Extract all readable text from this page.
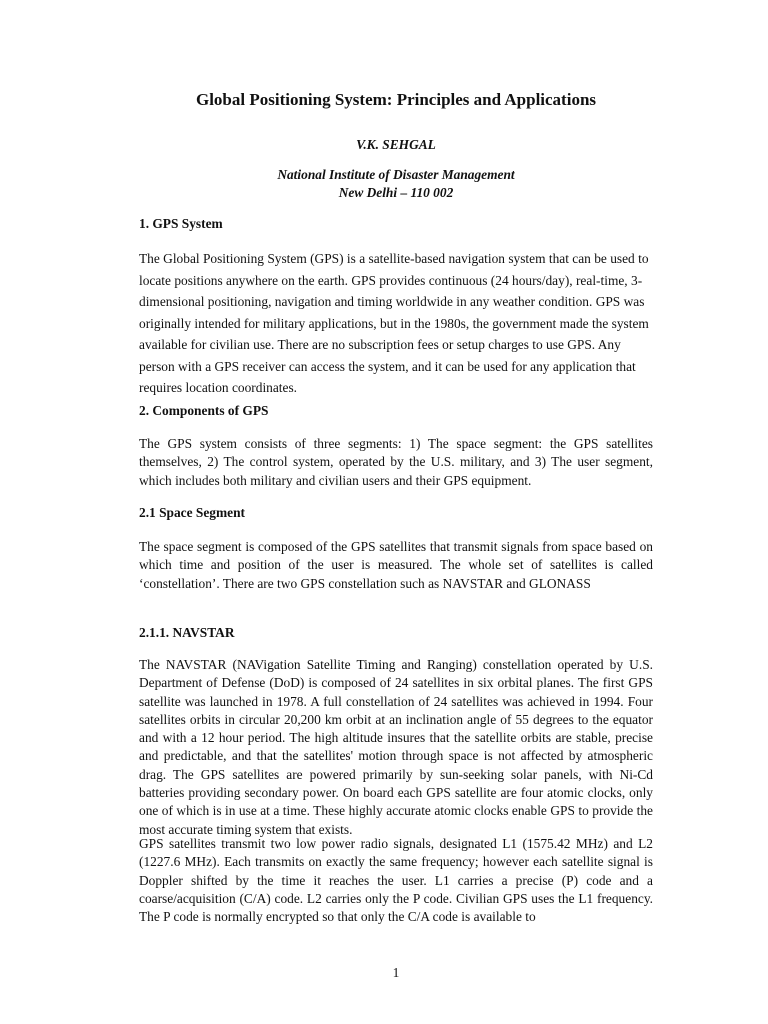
Global Positioning System: Principles and Applications
V.K. SEHGAL
National Institute of Disaster Management
New Delhi – 110 002
1. GPS System

The Global Positioning System (GPS) is a satellite-based navigation system that can be used to locate positions anywhere on the earth. GPS provides continuous (24 hours/day), real-time, 3-dimensional positioning, navigation and timing worldwide in any weather condition. GPS was originally intended for military applications, but in the 1980s, the government made the system available for civilian use. There are no subscription fees or setup charges to use GPS. Any person with a GPS receiver can access the system, and it can be used for any application that requires location coordinates.

2. Components of GPS

The GPS system consists of three segments: 1) The space segment: the GPS satellites themselves, 2) The control system, operated by the U.S. military, and 3) The user segment, which includes both military and civilian users and their GPS equipment.

2.1 Space Segment

The space segment is composed of the GPS satellites that transmit signals from space based on which time and position of the user is measured. The whole set of satellites is called ‘constellation’. There are two GPS constellation such as NAVSTAR and GLONASS

2.1.1. NAVSTAR

The NAVSTAR (NAVigation Satellite Timing and Ranging) constellation operated by U.S. Department of Defense (DoD) is composed of 24 satellites in six orbital planes. The first GPS satellite was launched in 1978. A full constellation of 24 satellites was achieved in 1994. Four satellites orbits in circular 20,200 km orbit at an inclination angle of 55 degrees to the equator and with a 12 hour period. The high altitude insures that the satellite orbits are stable, precise and predictable, and that the satellites' motion through space is not affected by atmospheric drag. The GPS satellites are powered primarily by sun-seeking solar panels, with Ni-Cd batteries providing secondary power. On board each GPS satellite are four atomic clocks, only one of which is in use at a time. These highly accurate atomic clocks enable GPS to provide the most accurate timing system that exists.

GPS satellites transmit two low power radio signals, designated L1 (1575.42 MHz) and L2 (1227.6 MHz). Each transmits on exactly the same frequency; however each satellite signal is Doppler shifted by the time it reaches the user. L1 carries a precise (P) code and a coarse/acquisition (C/A) code. L2 carries only the P code. Civilian GPS uses the L1 frequency. The P code is normally encrypted so that only the C/A code is available to

1
